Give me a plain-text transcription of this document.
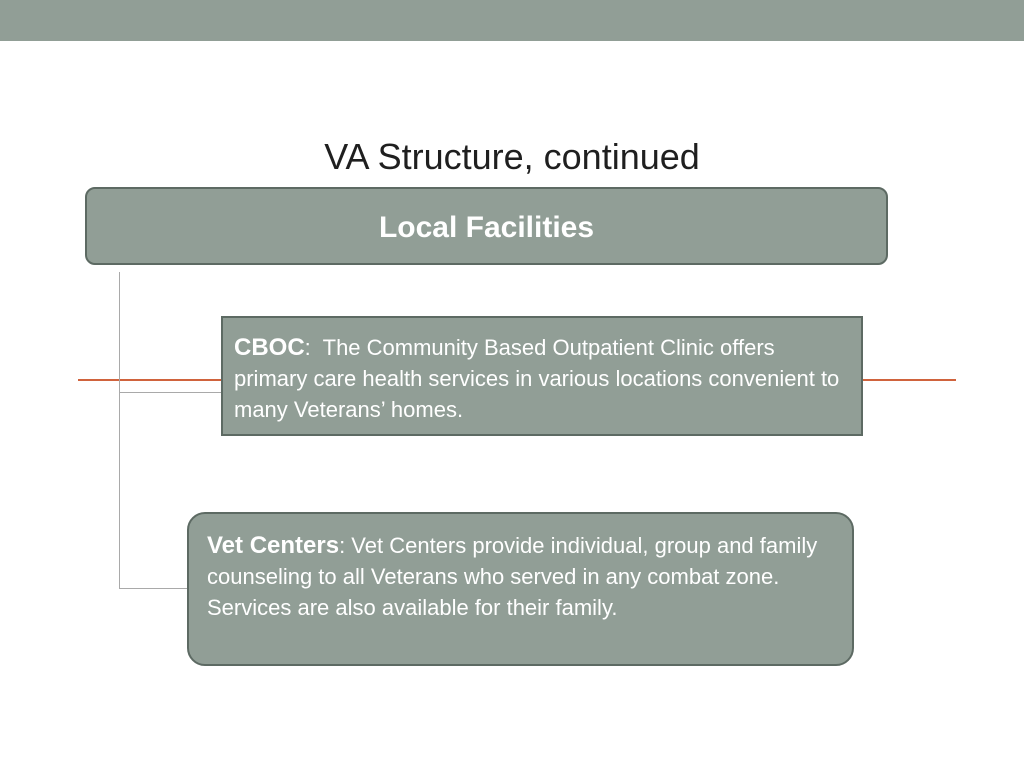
VA Structure, continued
Local Facilities
CBOC:  The Community Based Outpatient Clinic offers primary care health services in various locations convenient to many Veterans’ homes.
Vet Centers: Vet Centers provide individual, group and family counseling to all Veterans who served in any combat zone. Services are also available for their family.
